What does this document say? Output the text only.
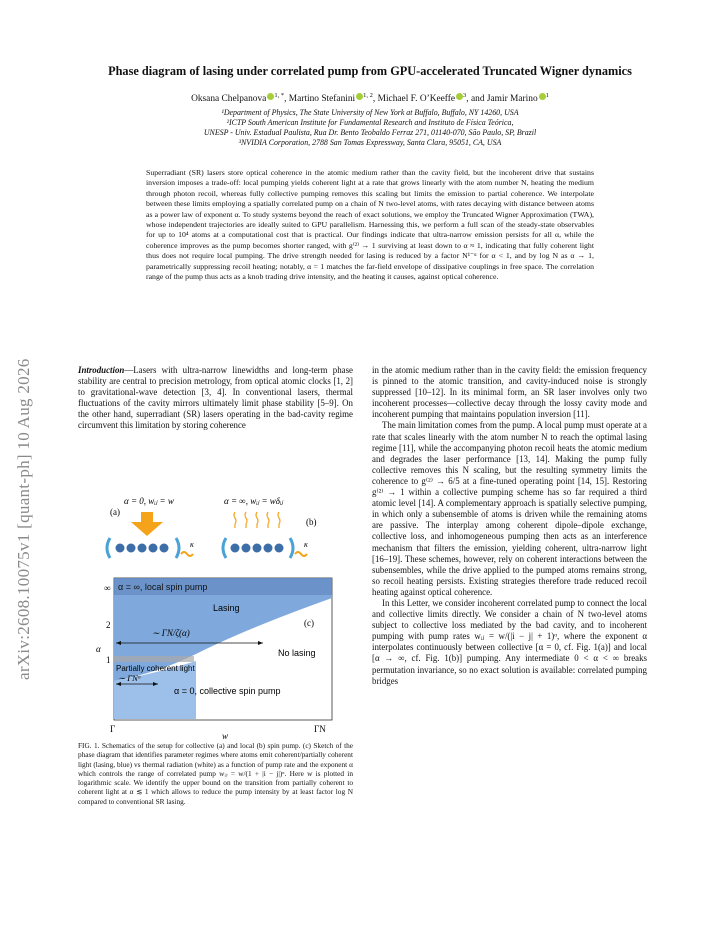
arXiv:2608.10075v1 [quant-ph] 10 Aug 2026
Phase diagram of lasing under correlated pump from GPU-accelerated Truncated Wigner dynamics
Oksana Chelpanova $^{1, *}$, Martino Stefanini $^{1, 2}$, Michael F. O’Keeffe $^3$, and Jamir Marino $^1$
¹Department of Physics, The State University of New York at Buffalo, Buffalo, NY 14260, USA
²ICTP South American Institute for Fundamental Research and Instituto de Física Teórica,
UNESP - Univ. Estadual Paulista, Rua Dr. Bento Teobaldo Ferraz 271, 01140-070, São Paulo, SP, Brazil
³NVIDIA Corporation, 2788 San Tomas Expressway, Santa Clara, 95051, CA, USA
Superradiant (SR) lasers store optical coherence in the atomic medium rather than the cavity field, but the incoherent drive that sustains inversion imposes a trade-off: local pumping yields coherent light at a rate that grows linearly with the atom number N, heating the medium through photon recoil, whereas fully collective pumping removes this scaling but limits the emission to partial coherence. We interpolate between these limits employing a spatially correlated pump on a chain of N two-level atoms, with rates decaying with distance between atoms as a power law of exponent α. To study systems beyond the reach of exact solutions, we employ the Truncated Wigner Approximation (TWA), whose independent trajectories are ideally suited to GPU parallelism. Harnessing this, we perform a full scan of the steady-state observables for up to 10⁴ atoms at a computational cost that is practical. Our findings indicate that ultra-narrow emission persists for all α, while the coherence improves as the pump becomes shorter ranged, with g⁽²⁾ → 1 surviving at least down to α ≈ 1, indicating that fully coherent light thus does not require local pumping. The drive strength needed for lasing is reduced by a factor N¹⁻ᵅ for α < 1, and by log N as α → 1, parametrically suppressing recoil heating; notably, α = 1 matches the far-field envelope of dissipative couplings in free space. The correlation range of the pump thus acts as a knob trading drive intensity, and the heating it causes, against optical coherence.

Introduction—Lasers with ultra-narrow linewidths and long-term phase stability are central to precision metrology, from optical atomic clocks [1, 2] to gravitational-wave detection [3, 4]. In conventional lasers, thermal fluctuations of the cavity mirrors ultimately limit phase stability [5–9]. On the other hand, superradiant (SR) lasers operating in the bad-cavity regime circumvent this limitation by storing coherence

(a)
α = 0, wᵢⱼ = w
κ
α = ∞, wᵢⱼ = wδᵢⱼ
(b)
κ
α = ∞, local spin pump
Lasing
(c)
∼ ΓN/ζ(α)
No lasing
Partially coherent light
∼ ΓNᵅ
α = 0, collective spin pump
∞
2
α
1
Γ	ΓN
w
FIG. 1. Schematics of the setup for collective (a) and local (b) spin pump. (c) Sketch of the phase diagram that identifies parameter regimes where atoms emit coherent/partially coherent light (lasing, blue) vs thermal radiation (white) as a function of pump rate and the exponent α which controls the range of correlated pump wᵢⱼ = w/(1 + |i − j|)ᵅ. Here w is plotted in logarithmic scale. We identify the upper bound on the transition from partially coherent to coherent light at α ≲ 1 which allows to reduce the pump intensity by at least factor log N compared to conventional SR lasing.

in the atomic medium rather than in the cavity field: the emission frequency is pinned to the atomic transition, and cavity-induced noise is strongly suppressed [10–12]. In its minimal form, an SR laser involves only two incoherent processes—collective decay through the lossy cavity mode and incoherent pumping that maintains population inversion [11].

The main limitation comes from the pump. A local pump must operate at a rate that scales linearly with the atom number N to reach the optimal lasing regime [11], while the accompanying photon recoil heats the atomic medium and degrades the laser performance [13, 14]. Making the pump fully collective removes this N scaling, but the resulting symmetry limits the coherence to g⁽²⁾ → 6/5 at a fine-tuned operating point [14, 15]. Restoring g⁽²⁾ → 1 within a collective pumping scheme has so far required a third atomic level [14]. A complementary approach is spatially selective pumping, in which only a subensemble of atoms is driven while the remaining atoms are passive. The interplay among coherent dipole–dipole exchange, collective loss, and inhomogeneous pumping then acts as an interference mechanism that filters the emission, yielding coherent, ultra-narrow light [16–19]. These schemes, however, rely on coherent interactions between the subensembles, while the drive applied to the pumped atoms remains strong, so recoil heating persists. Existing strategies therefore trade reduced recoil heating against optical coherence.

In this Letter, we consider incoherent correlated pump to connect the local and collective limits directly. We consider a chain of N two-level atoms subject to collective loss mediated by the bad cavity, and to incoherent pumping with pump rates wᵢⱼ = w/(|i − j| + 1)ᵅ, where the exponent α interpolates continuously between collective [α = 0, cf. Fig. 1(a)] and local [α → ∞, cf. Fig. 1(b)] pumping. Any intermediate 0 < α < ∞ breaks permutation invariance, so no exact solution is available: correlated pumping bridges
